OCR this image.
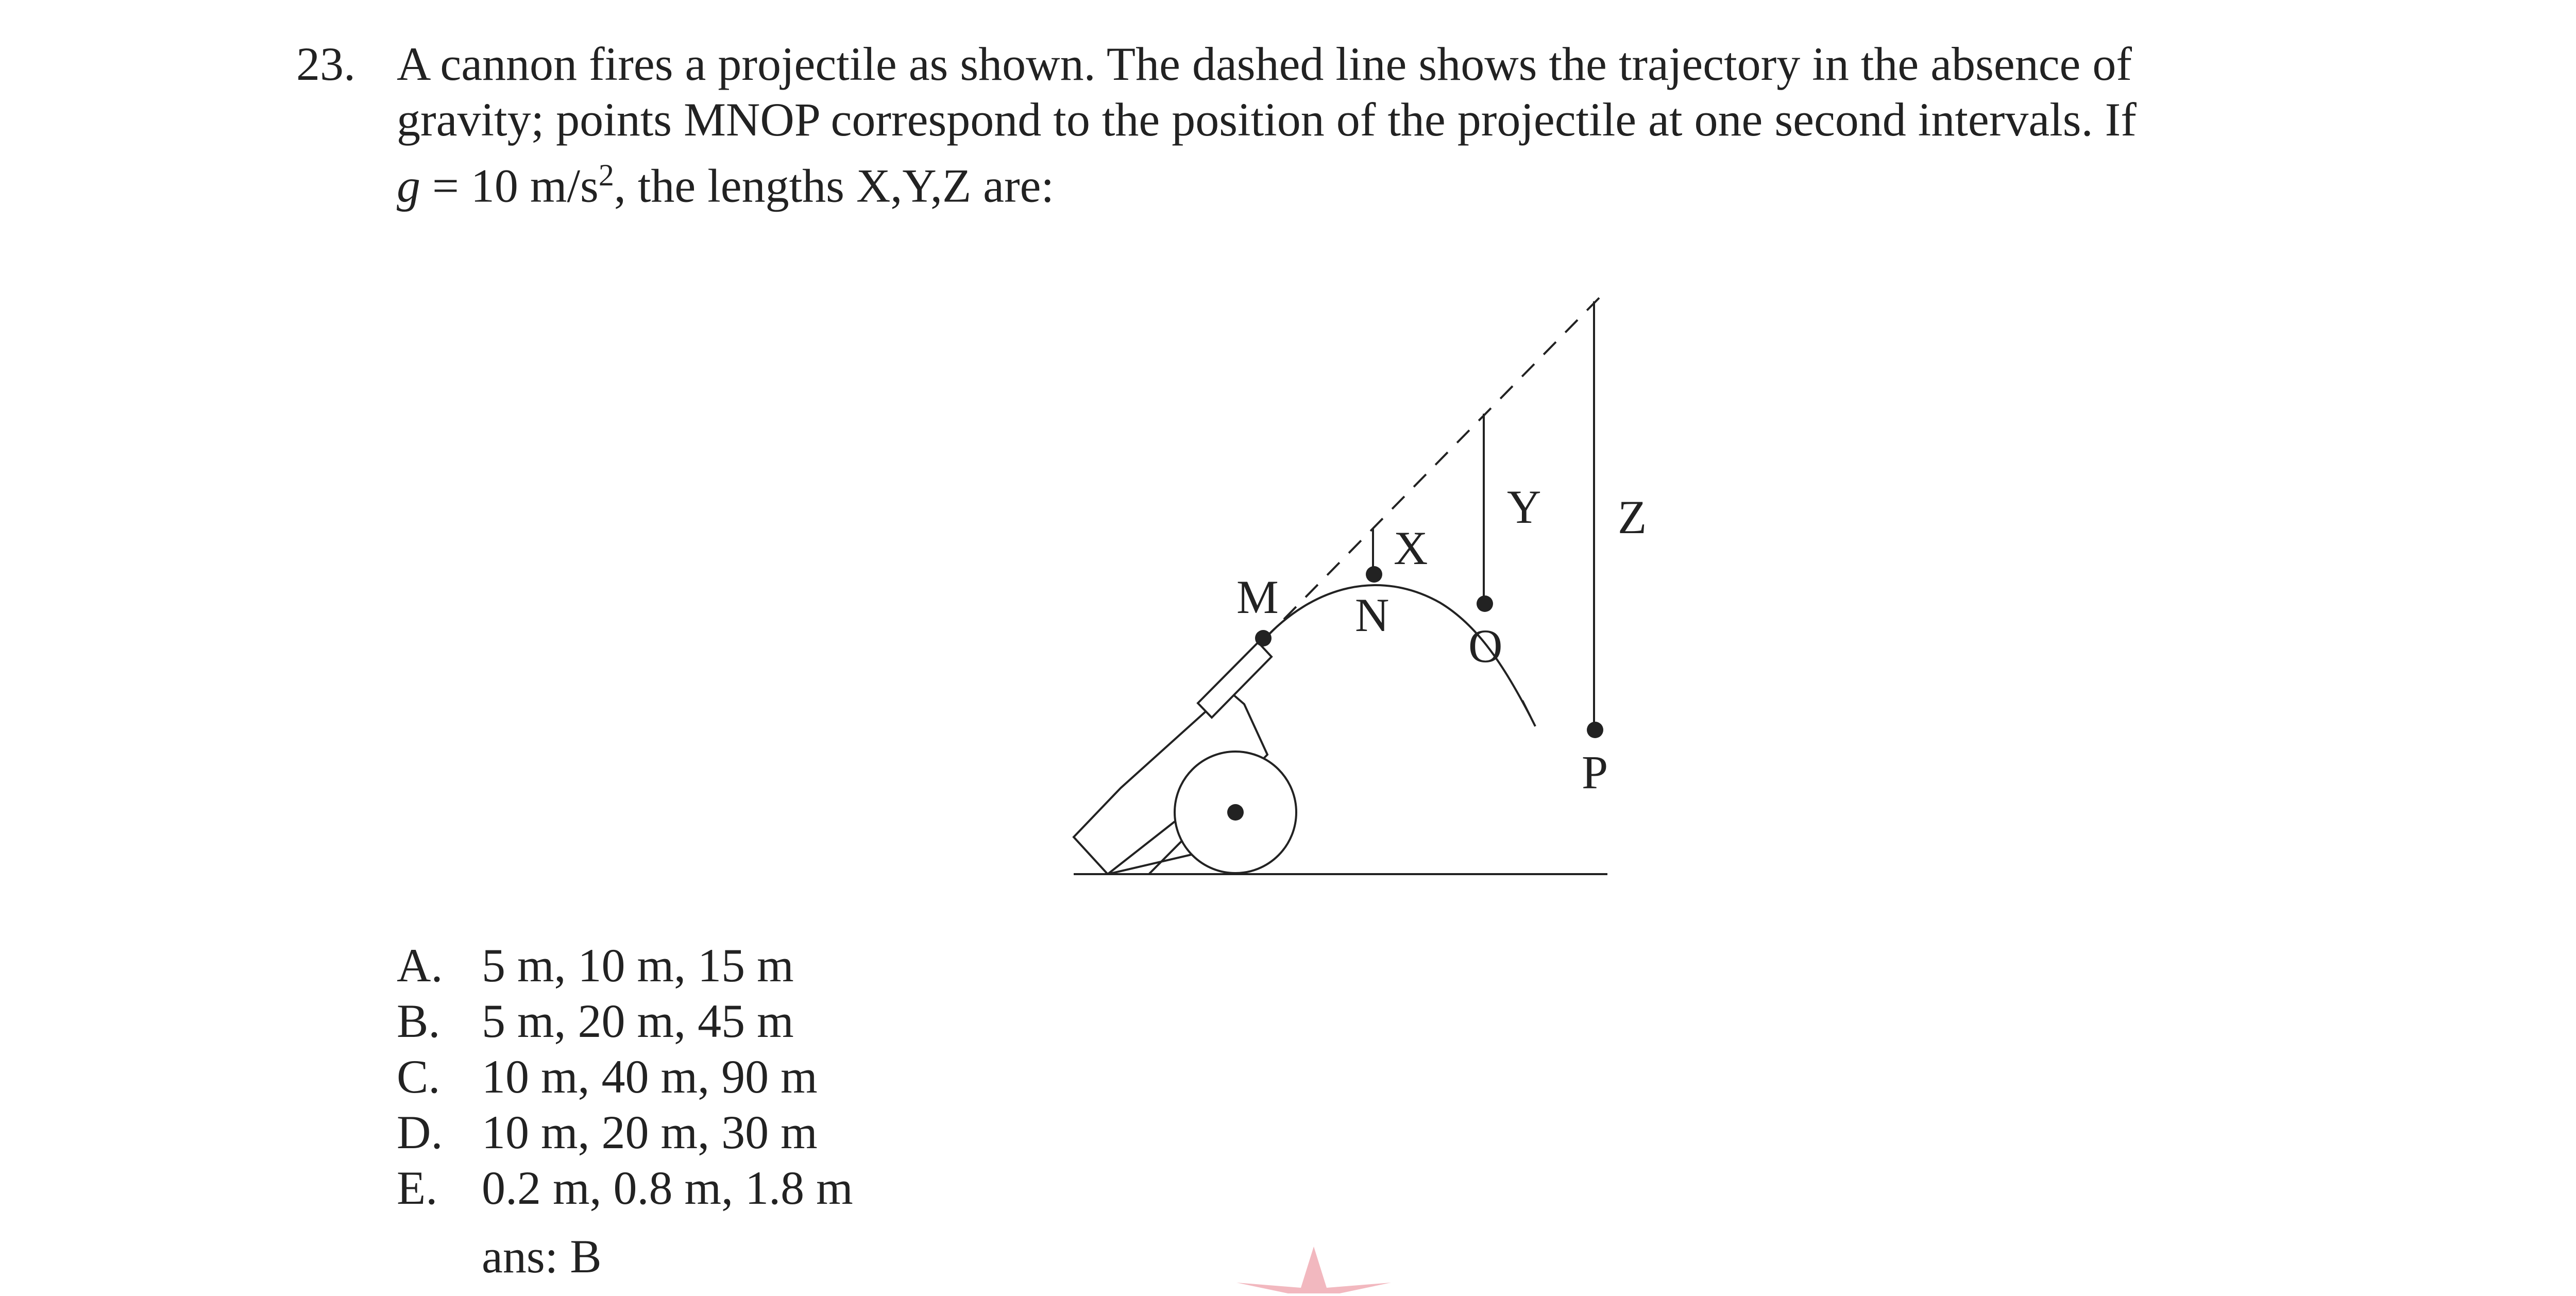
23. A cannon fires a projectile as shown. The dashed line shows the trajectory in the absence of
gravity; points MNOP correspond to the position of the projectile at one second intervals. If
g = 10 $m/s^2$, the lengths X,Y,Z are:
M N
O
P
X
Y Z
A. 5 m, 10 m, 15 m
B. 5 m, 20 m, 45 m
C. 10 m, 40 m, 90 m
D. 10 m, 20 m, 30 m
E. 0.2 m, 0.8 m, 1.8 m
ans: B
